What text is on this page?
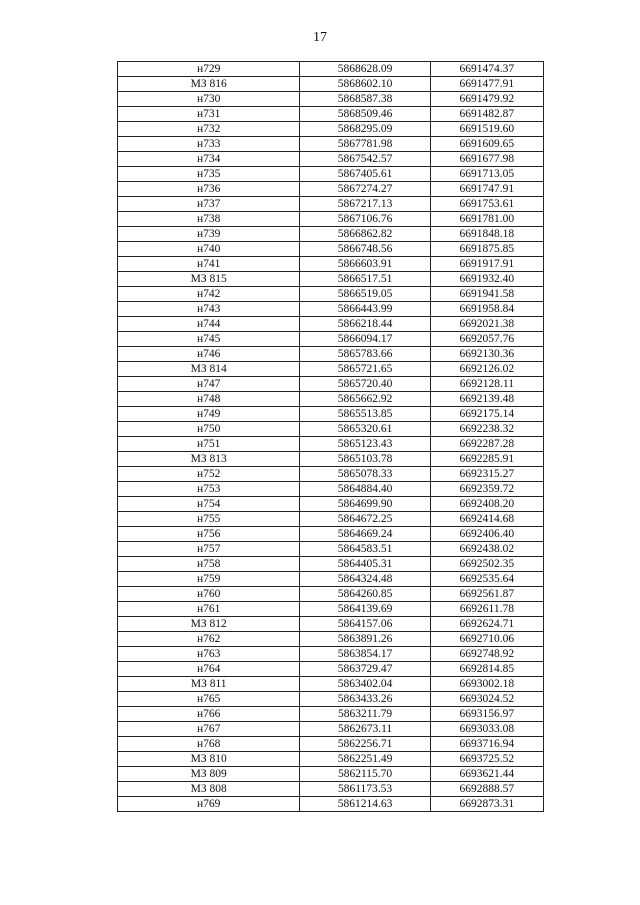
17
н729	5868628.09	6691474.37
МЗ 816	5868602.10	6691477.91
н730	5868587.38	6691479.92
н731	5868509.46	6691482.87
н732	5868295.09	6691519.60
н733	5867781.98	6691609.65
н734	5867542.57	6691677.98
н735	5867405.61	6691713.05
н736	5867274.27	6691747.91
н737	5867217.13	6691753.61
н738	5867106.76	6691781.00
н739	5866862.82	6691848.18
н740	5866748.56	6691875.85
н741	5866603.91	6691917.91
МЗ 815	5866517.51	6691932.40
н742	5866519.05	6691941.58
н743	5866443.99	6691958.84
н744	5866218.44	6692021.38
н745	5866094.17	6692057.76
н746	5865783.66	6692130.36
МЗ 814	5865721.65	6692126.02
н747	5865720.40	6692128.11
н748	5865662.92	6692139.48
н749	5865513.85	6692175.14
н750	5865320.61	6692238.32
н751	5865123.43	6692287.28
МЗ 813	5865103.78	6692285.91
н752	5865078.33	6692315.27
н753	5864884.40	6692359.72
н754	5864699.90	6692408.20
н755	5864672.25	6692414.68
н756	5864669.24	6692406.40
н757	5864583.51	6692438.02
н758	5864405.31	6692502.35
н759	5864324.48	6692535.64
н760	5864260.85	6692561.87
н761	5864139.69	6692611.78
МЗ 812	5864157.06	6692624.71
н762	5863891.26	6692710.06
н763	5863854.17	6692748.92
н764	5863729.47	6692814.85
МЗ 811	5863402.04	6693002.18
н765	5863433.26	6693024.52
н766	5863211.79	6693156.97
н767	5862673.11	6693033.08
н768	5862256.71	6693716.94
МЗ 810	5862251.49	6693725.52
МЗ 809	5862115.70	6693621.44
МЗ 808	5861173.53	6692888.57
н769	5861214.63	6692873.31
